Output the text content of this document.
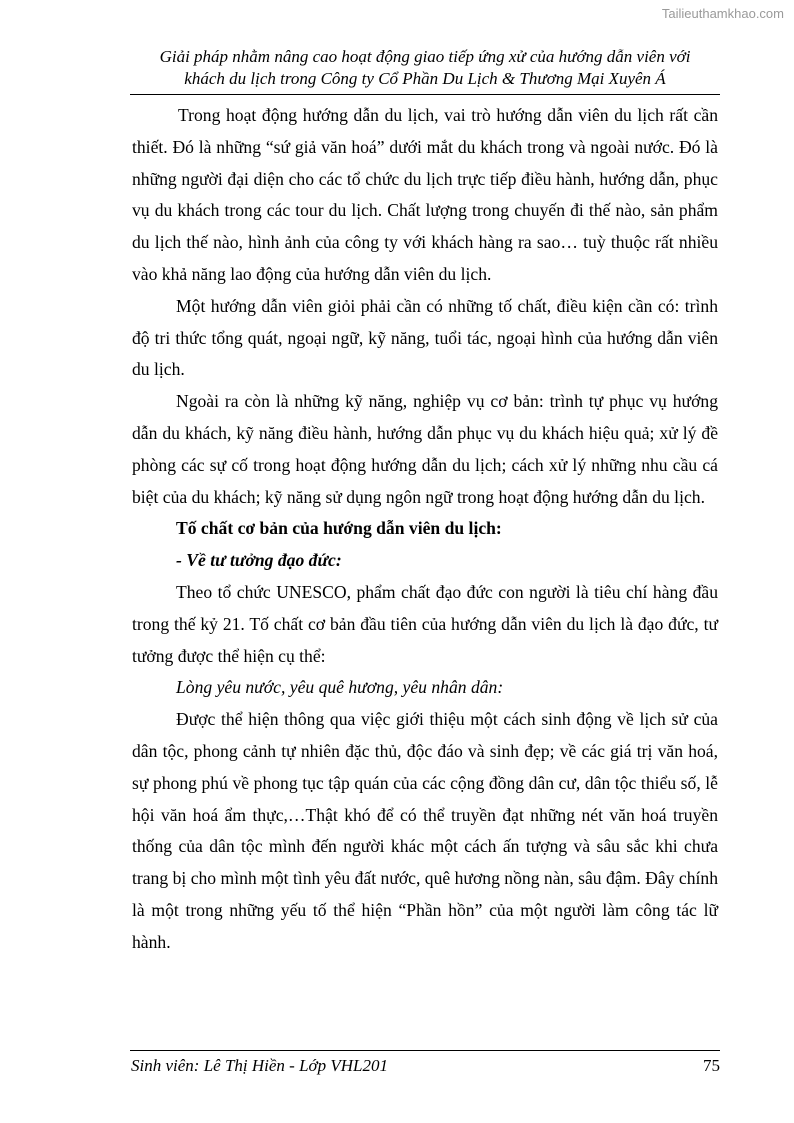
Tailieuthamkhao.com
Giải pháp nhằm nâng cao hoạt động giao tiếp ứng xử của hướng dẫn viên với
khách du lịch trong Công ty Cổ Phần Du Lịch & Thương Mại Xuyên Á

Trong hoạt động hướng dẫn du lịch, vai trò hướng dẫn viên du lịch rất cần thiết. Đó là những “sứ giả văn hoá” dưới mắt du khách trong và ngoài nước. Đó là những người đại diện cho các tổ chức du lịch trực tiếp điều hành, hướng dẫn, phục vụ du khách trong các tour du lịch. Chất lượng trong chuyến đi thế nào, sản phẩm du lịch thế nào, hình ảnh của công ty với khách hàng ra sao… tuỳ thuộc rất nhiều vào khả năng lao động của hướng dẫn viên du lịch.

Một hướng dẫn viên giỏi phải cần có những tố chất, điều kiện cần có: trình độ tri thức tổng quát, ngoại ngữ, kỹ năng, tuổi tác, ngoại hình của hướng dẫn viên du lịch.

Ngoài ra còn là những kỹ năng, nghiệp vụ cơ bản: trình tự phục vụ hướng dẫn du khách, kỹ năng điều hành, hướng dẫn phục vụ du khách hiệu quả; xử lý đề phòng các sự cố trong hoạt động hướng dẫn du lịch; cách xử lý những nhu cầu cá biệt của du khách; kỹ năng sử dụng ngôn ngữ trong hoạt động hướng dẫn du lịch.

Tố chất cơ bản của hướng dẫn viên du lịch:

- Về tư tưởng đạo đức:

Theo tổ chức UNESCO, phẩm chất đạo đức con người là tiêu chí hàng đầu trong thế kỷ 21. Tố chất cơ bản đầu tiên của hướng dẫn viên du lịch là đạo đức, tư tưởng được thể hiện cụ thể:

Lòng yêu nước, yêu quê hương, yêu nhân dân:

Được thể hiện thông qua việc giới thiệu một cách sinh động về lịch sử của dân tộc, phong cảnh tự nhiên đặc thủ, độc đáo và sinh đẹp; về các giá trị văn hoá, sự phong phú về phong tục tập quán của các cộng đồng dân cư, dân tộc thiểu số, lễ hội văn hoá ẩm thực,…Thật khó để có thể truyền đạt những nét văn hoá truyền thống của dân tộc mình đến người khác một cách ấn tượng và sâu sắc khi chưa trang bị cho mình một tình yêu đất nước, quê hương nồng nàn, sâu đậm. Đây chính là một trong những yếu tố thể hiện “Phần hồn” của một người làm công tác lữ hành.

Sinh viên: Lê Thị Hiền - Lớp VHL201	75
